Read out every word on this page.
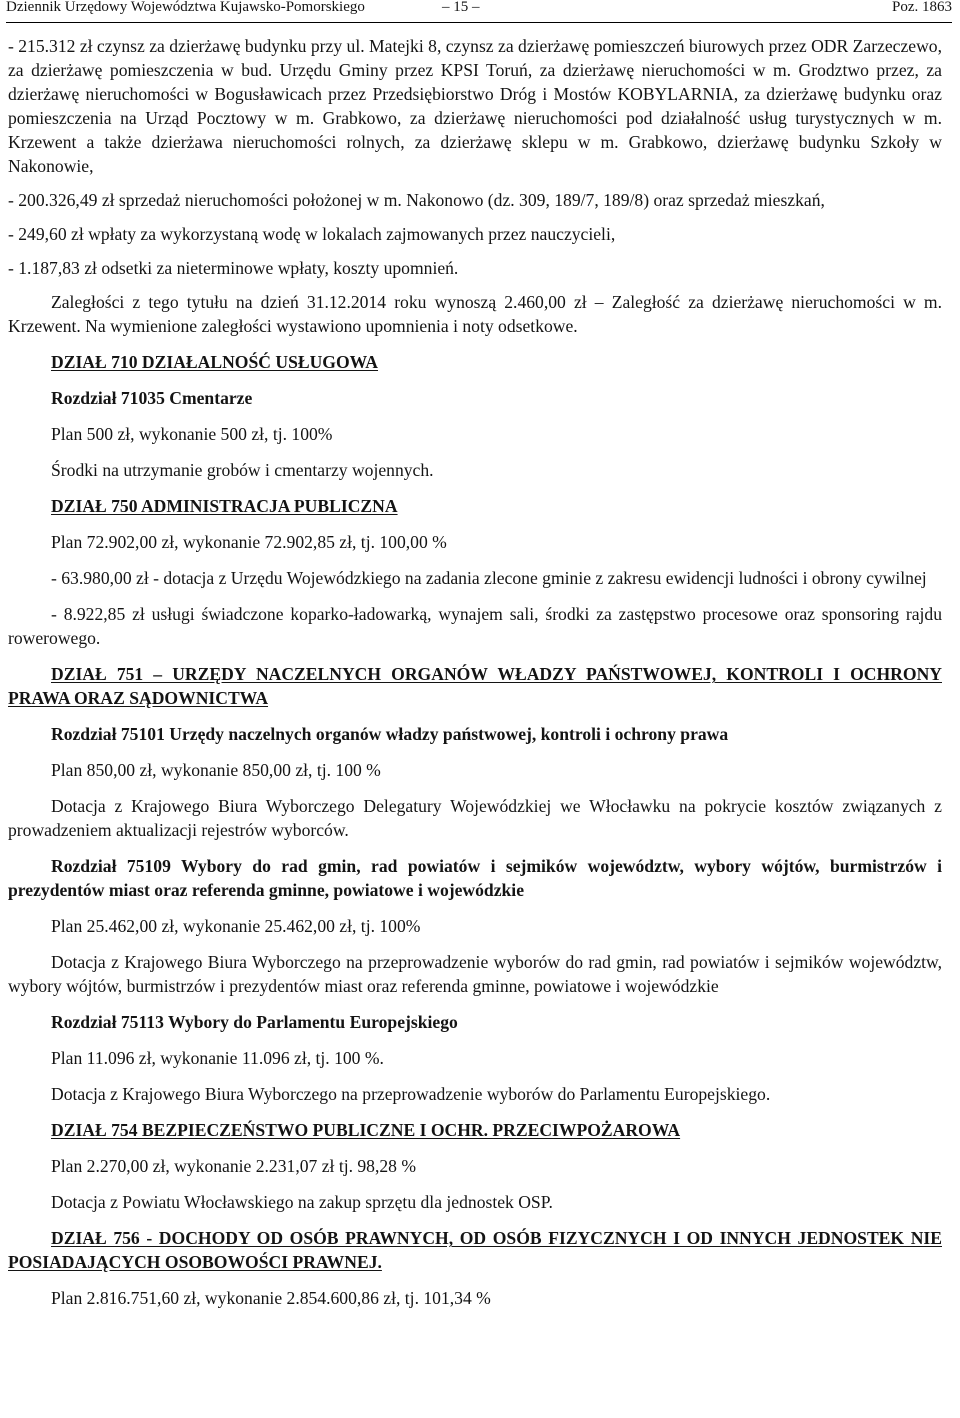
Dziennik Urzędowy Województwa Kujawsko-Pomorskiego	– 15 –	Poz. 1863

- 215.312 zł czynsz za dzierżawę budynku przy ul. Matejki 8, czynsz za dzierżawę pomieszczeń biurowych przez ODR Zarzeczewo, za dzierżawę pomieszczenia w bud. Urzędu Gminy przez KPSI Toruń, za dzierżawę nieruchomości w m. Grodztwo przez, za dzierżawę nieruchomości w Bogusławicach przez Przedsiębiorstwo Dróg i Mostów KOBYLARNIA, za dzierżawę budynku oraz pomieszczenia na Urząd Pocztowy w m. Grabkowo, za dzierżawę nieruchomości pod działalność usług turystycznych w m. Krzewent a także dzierżawa nieruchomości rolnych, za dzierżawę sklepu w m. Grabkowo, dzierżawę budynku Szkoły w Nakonowie,

- 200.326,49 zł sprzedaż nieruchomości położonej w m. Nakonowo (dz. 309, 189/7, 189/8) oraz sprzedaż mieszkań,

- 249,60 zł wpłaty za wykorzystaną wodę w lokalach zajmowanych przez nauczycieli,

- 1.187,83 zł odsetki za nieterminowe wpłaty, koszty upomnień.

Zaległości z tego tytułu na dzień 31.12.2014 roku wynoszą 2.460,00 zł – Zaległość za dzierżawę nieruchomości w m. Krzewent. Na wymienione zaległości wystawiono upomnienia i noty odsetkowe.

DZIAŁ 710 DZIAŁALNOŚĆ USŁUGOWA

Rozdział 71035 Cmentarze

Plan 500 zł, wykonanie 500 zł, tj. 100%

Środki na utrzymanie grobów i cmentarzy wojennych.

DZIAŁ 750 ADMINISTRACJA PUBLICZNA

Plan 72.902,00 zł, wykonanie 72.902,85 zł, tj. 100,00 %

- 63.980,00 zł - dotacja z Urzędu Wojewódzkiego na zadania zlecone gminie z zakresu ewidencji ludności i obrony cywilnej

- 8.922,85 zł usługi świadczone koparko-ładowarką, wynajem sali, środki za zastępstwo procesowe oraz sponsoring rajdu rowerowego.

DZIAŁ 751 – URZĘDY NACZELNYCH ORGANÓW WŁADZY PAŃSTWOWEJ, KONTROLI I OCHRONY PRAWA ORAZ SĄDOWNICTWA

Rozdział 75101 Urzędy naczelnych organów władzy państwowej, kontroli i ochrony prawa

Plan 850,00 zł, wykonanie 850,00 zł, tj. 100 %

Dotacja z Krajowego Biura Wyborczego Delegatury Wojewódzkiej we Włocławku na pokrycie kosztów związanych z prowadzeniem aktualizacji rejestrów wyborców.

Rozdział 75109 Wybory do rad gmin, rad powiatów i sejmików województw, wybory wójtów, burmistrzów i prezydentów miast oraz referenda gminne, powiatowe i wojewódzkie

Plan 25.462,00 zł, wykonanie 25.462,00 zł, tj. 100%

Dotacja z Krajowego Biura Wyborczego na przeprowadzenie wyborów do rad gmin, rad powiatów i sejmików województw, wybory wójtów, burmistrzów i prezydentów miast oraz referenda gminne, powiatowe i wojewódzkie

Rozdział 75113 Wybory do Parlamentu Europejskiego

Plan 11.096 zł, wykonanie 11.096 zł, tj. 100 %.

Dotacja z Krajowego Biura Wyborczego na przeprowadzenie wyborów do Parlamentu Europejskiego.

DZIAŁ 754 BEZPIECZEŃSTWO PUBLICZNE I OCHR. PRZECIWPOŻAROWA

Plan 2.270,00 zł, wykonanie 2.231,07 zł tj. 98,28 %

Dotacja z Powiatu Włocławskiego na zakup sprzętu dla jednostek OSP.

DZIAŁ 756 - DOCHODY OD OSÓB PRAWNYCH, OD OSÓB FIZYCZNYCH I OD INNYCH JEDNOSTEK NIE POSIADAJĄCYCH OSOBOWOŚCI PRAWNEJ.

Plan 2.816.751,60 zł, wykonanie 2.854.600,86 zł, tj. 101,34 %
